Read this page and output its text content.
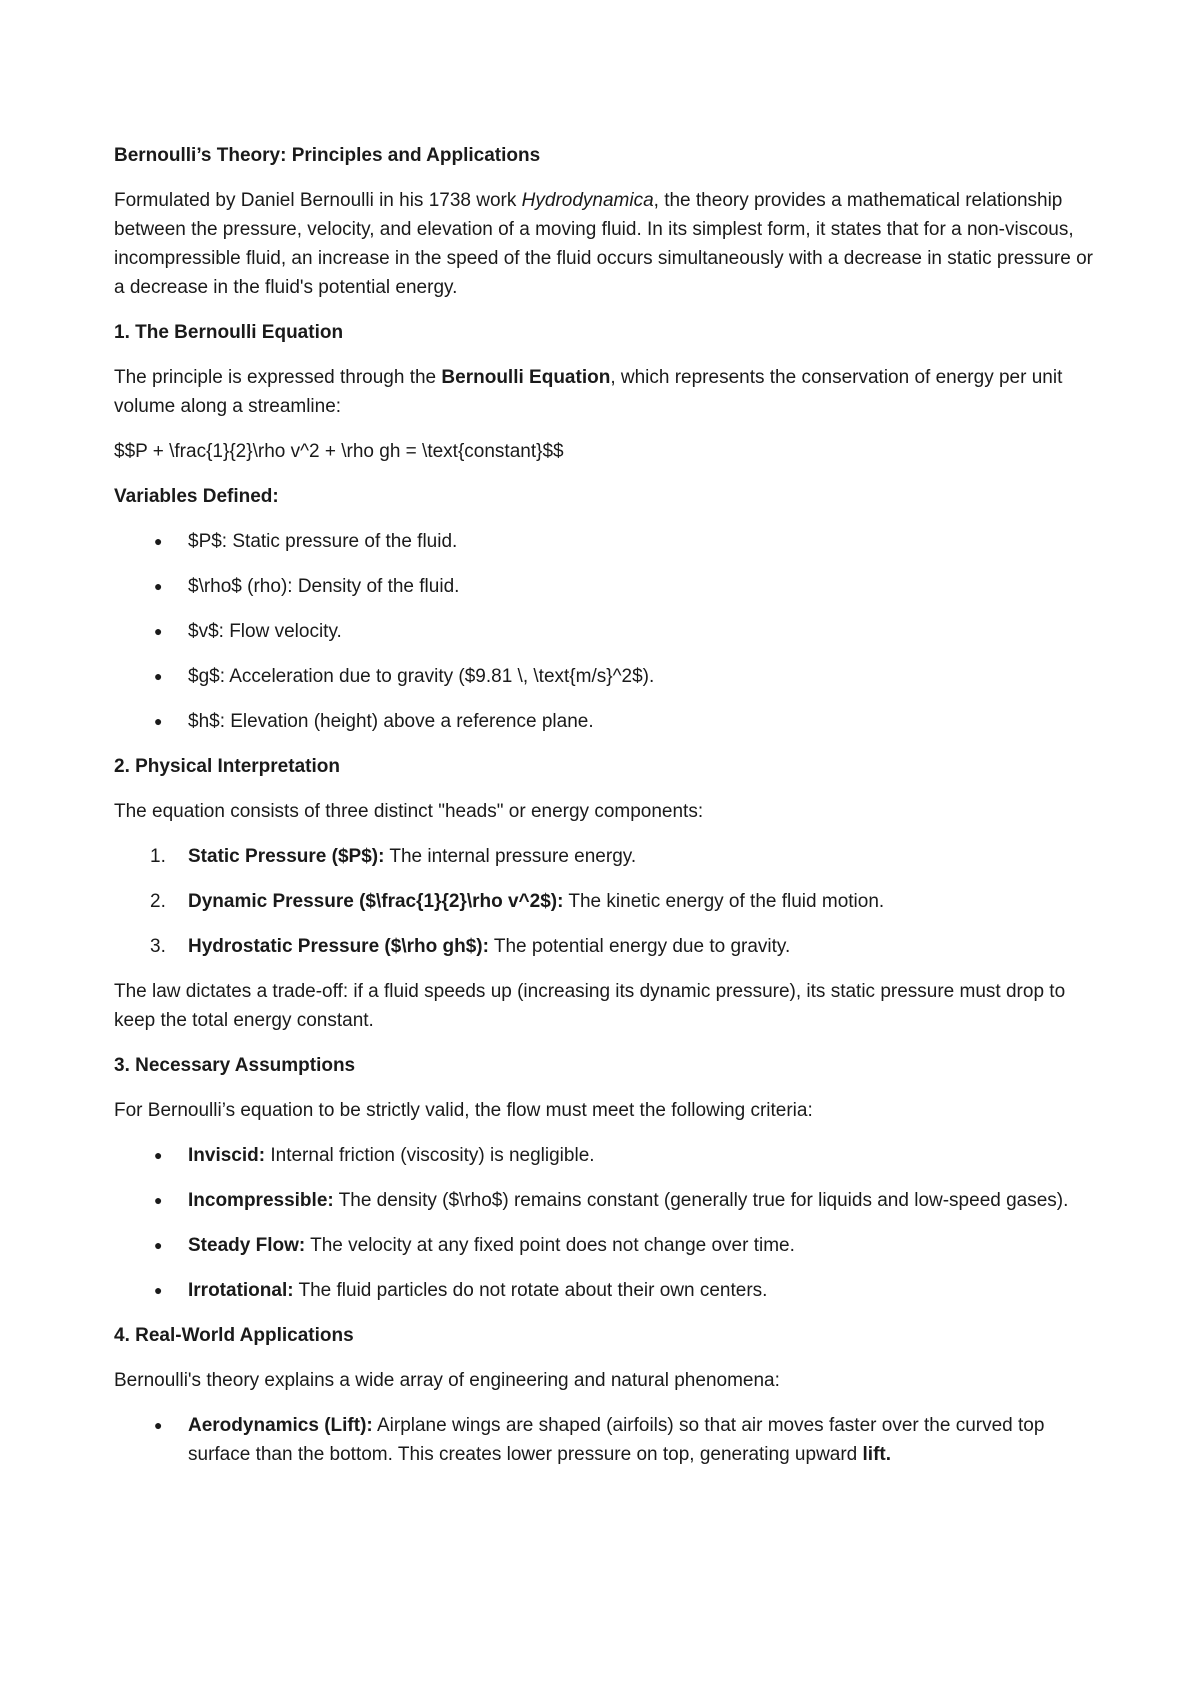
Bernoulli’s Theory: Principles and Applications

Formulated by Daniel Bernoulli in his 1738 work Hydrodynamica, the theory provides a mathematical relationship between the pressure, velocity, and elevation of a moving fluid. In its simplest form, it states that for a non-viscous, incompressible fluid, an increase in the speed of the fluid occurs simultaneously with a decrease in static pressure or a decrease in the fluid's potential energy.

1. The Bernoulli Equation

The principle is expressed through the Bernoulli Equation, which represents the conservation of energy per unit volume along a streamline:

$$P + \frac{1}{2}\rho v^2 + \rho gh = \text{constant}$$

Variables Defined:

● $P$: Static pressure of the fluid.
● $\rho$ (rho): Density of the fluid.
● $v$: Flow velocity.
● $g$: Acceleration due to gravity ($9.81 \, \text{m/s}^2$).
● $h$: Elevation (height) above a reference plane.

2. Physical Interpretation

The equation consists of three distinct "heads" or energy components:

1. Static Pressure ($P$): The internal pressure energy.
2. Dynamic Pressure ($\frac{1}{2}\rho v^2$): The kinetic energy of the fluid motion.
3. Hydrostatic Pressure ($\rho gh$): The potential energy due to gravity.

The law dictates a trade-off: if a fluid speeds up (increasing its dynamic pressure), its static pressure must drop to keep the total energy constant.

3. Necessary Assumptions

For Bernoulli’s equation to be strictly valid, the flow must meet the following criteria:

● Inviscid: Internal friction (viscosity) is negligible.
● Incompressible: The density ($\rho$) remains constant (generally true for liquids and low-speed gases).
● Steady Flow: The velocity at any fixed point does not change over time.
● Irrotational: The fluid particles do not rotate about their own centers.

4. Real-World Applications

Bernoulli's theory explains a wide array of engineering and natural phenomena:

● Aerodynamics (Lift): Airplane wings are shaped (airfoils) so that air moves faster over the curved top surface than the bottom. This creates lower pressure on top, generating upward lift.
